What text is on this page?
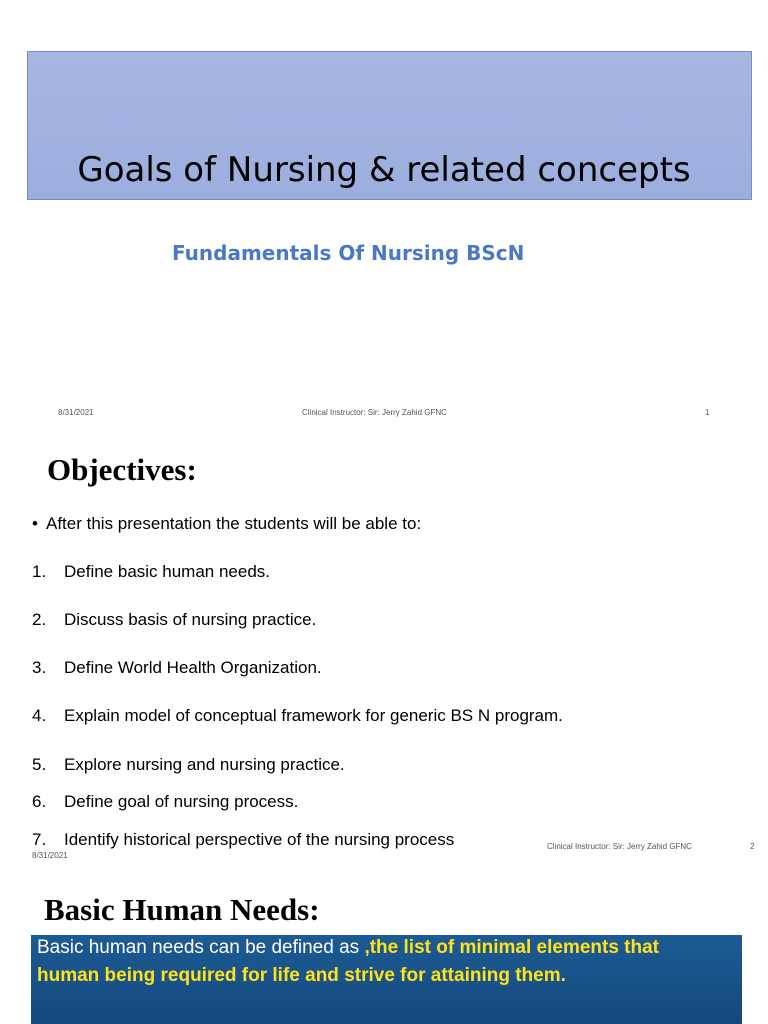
Goals of Nursing & related concepts
Fundamentals Of Nursing BScN
8/31/2021	Clinical Instructor: Sir: Jerry Zahid GFNC	1
Objectives:
• After this presentation the students will be able to:
1. Define basic human needs.
2. Discuss basis of nursing practice.
3. Define World Health Organization.
4. Explain model of conceptual framework for generic BS N program.
5. Explore nursing and nursing practice.
6. Define goal of nursing process.
7. Identify historical perspective of the nursing process
8/31/2021
Clinical Instructor: Sir: Jerry Zahid GFNC	2
Basic Human Needs:
Basic human needs can be defined as ,the list of minimal elements that
human being required for life and strive for attaining them.
